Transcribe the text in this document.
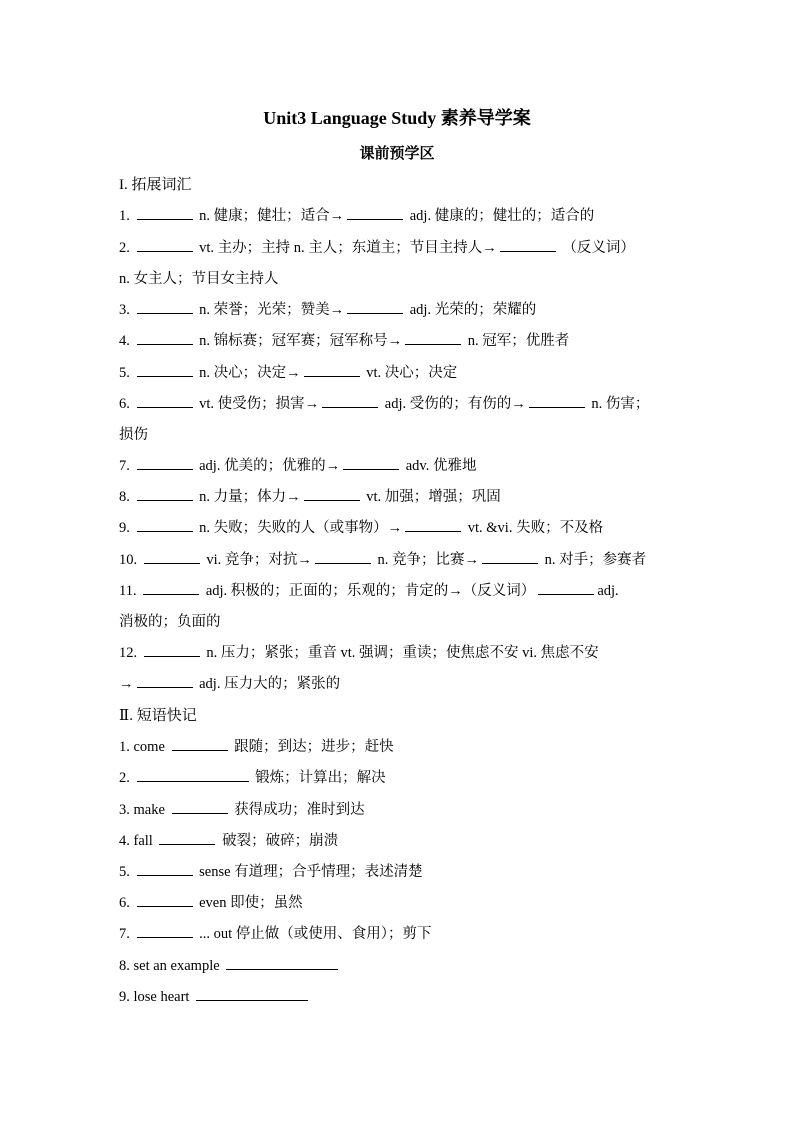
Unit3 Language Study 素养导学案
课前预学区
I. 拓展词汇
1.	n. 健康；健壮；适合→	adj. 健康的；健壮的；适合的
2.	vt. 主办；主持 n. 主人；东道主；节目主持人→	（反义词）
n. 女主人；节目女主持人
3.	n. 荣誉；光荣；赞美→	adj. 光荣的；荣耀的
4.	n. 锦标赛；冠军赛；冠军称号→	n. 冠军；优胜者
5.	n. 决心；决定→	vt. 决心；决定
6.	vt. 使受伤；损害→	adj. 受伤的；有伤的→	n. 伤害；
损伤
7.	adj. 优美的；优雅的→	adv. 优雅地
8.	n. 力量；体力→	vt. 加强；增强；巩固
9.	n. 失败；失败的人（或事物）→	vt. &vi. 失败；不及格
10.	vi. 竞争；对抗→	n. 竞争；比赛→	n. 对手；参赛者
11.	adj. 积极的；正面的；乐观的；肯定的→（反义词）	adj.
消极的；负面的
12.	n. 压力；紧张；重音 vt. 强调；重读；使焦虑不安 vi. 焦虑不安
→	adj. 压力大的；紧张的
Ⅱ. 短语快记
1. come	跟随；到达；进步；赶快
2.	锻炼；计算出；解决
3. make	获得成功；准时到达
4. fall	破裂；破碎；崩溃
5.	sense 有道理；合乎情理；表述清楚
6.	even 即使；虽然
7.	... out 停止做（或使用、食用）；剪下
8. set an example
9. lose heart
